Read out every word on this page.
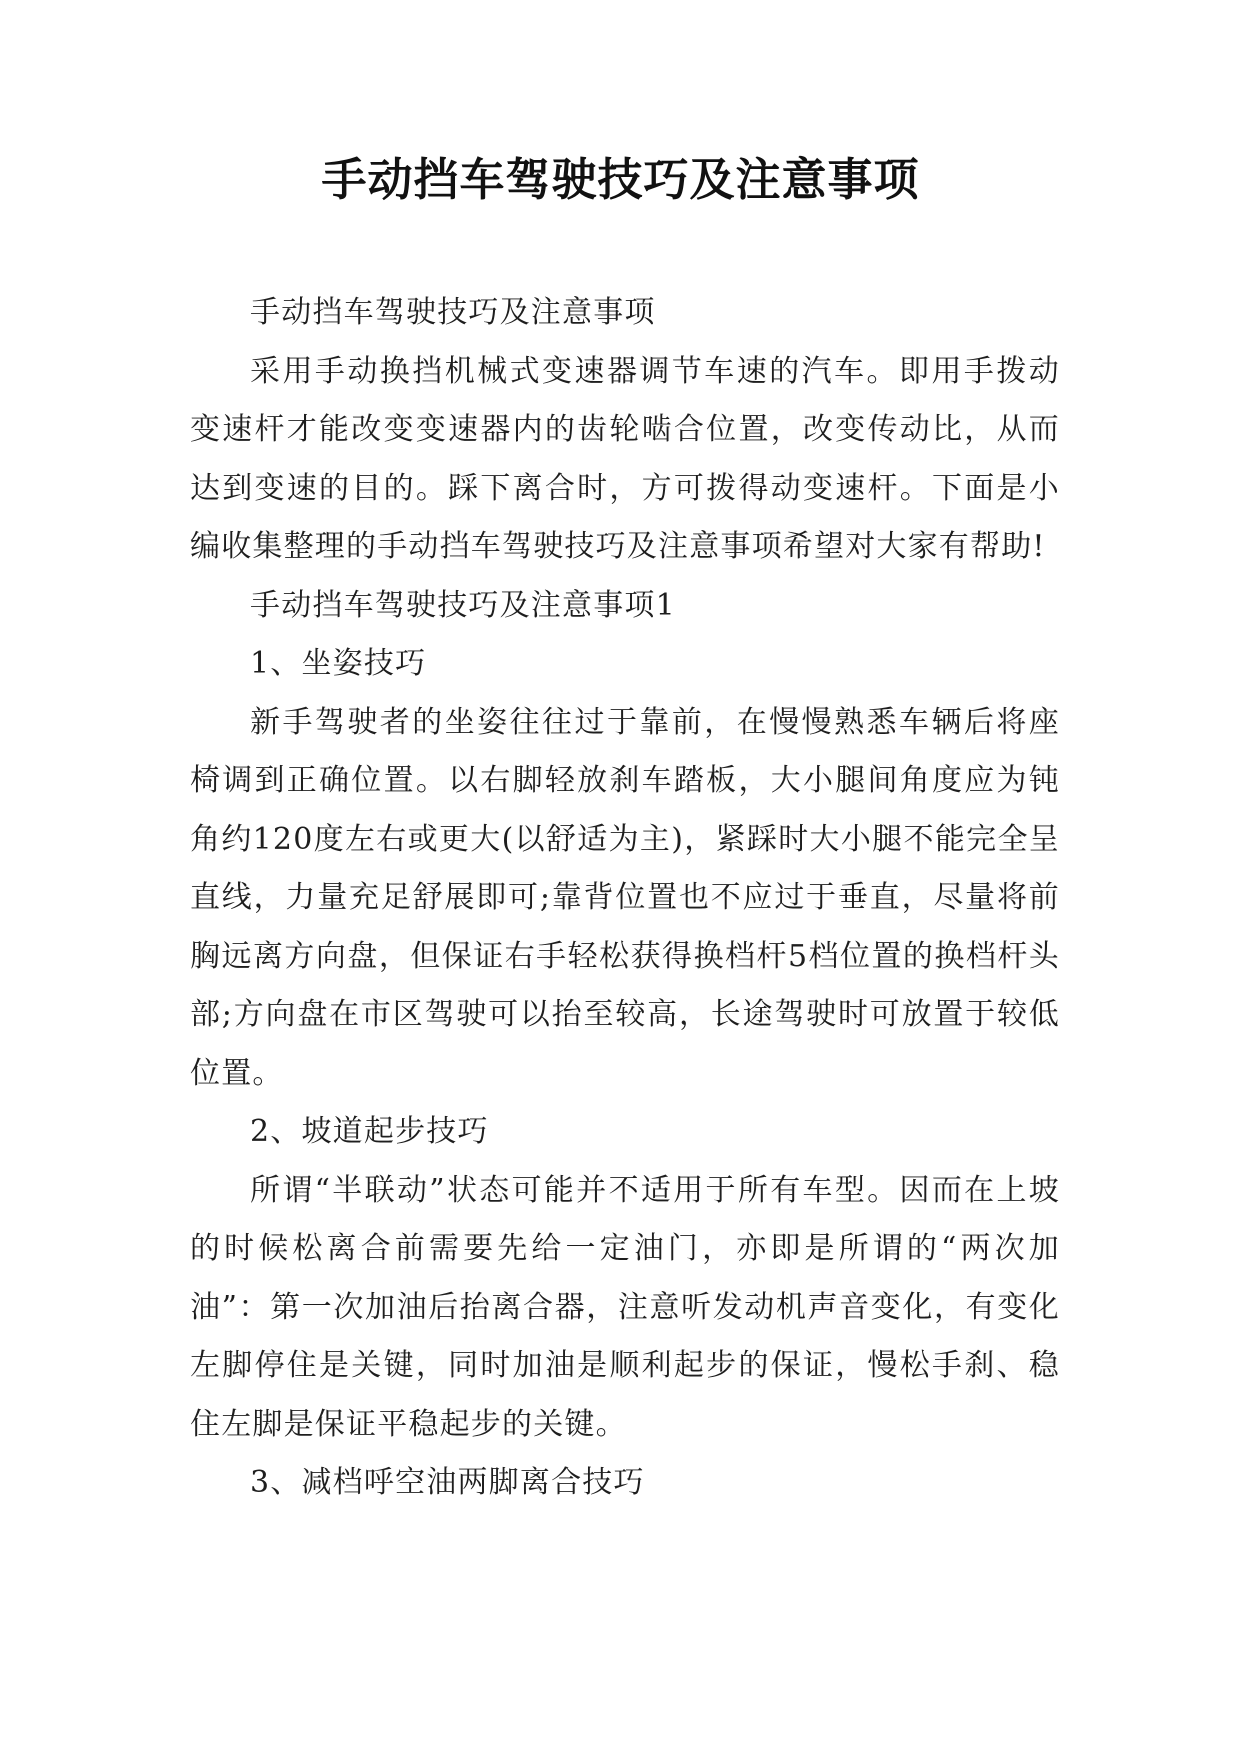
手动挡车驾驶技巧及注意事项

手动挡车驾驶技巧及注意事项

采用手动换挡机械式变速器调节车速的汽车。即用手拨动变速杆才能改变变速器内的齿轮啮合位置，改变传动比，从而达到变速的目的。踩下离合时，方可拨得动变速杆。下面是小编收集整理的手动挡车驾驶技巧及注意事项希望对大家有帮助!

手动挡车驾驶技巧及注意事项1

1、坐姿技巧

新手驾驶者的坐姿往往过于靠前，在慢慢熟悉车辆后将座椅调到正确位置。以右脚轻放刹车踏板，大小腿间角度应为钝角约120度左右或更大(以舒适为主)，紧踩时大小腿不能完全呈直线，力量充足舒展即可;靠背位置也不应过于垂直，尽量将前胸远离方向盘，但保证右手轻松获得换档杆5档位置的换档杆头部;方向盘在市区驾驶可以抬至较高，长途驾驶时可放置于较低位置。

2、坡道起步技巧

所谓“半联动”状态可能并不适用于所有车型。因而在上坡的时候松离合前需要先给一定油门，亦即是所谓的“两次加油”：第一次加油后抬离合器，注意听发动机声音变化，有变化左脚停住是关键，同时加油是顺利起步的保证，慢松手刹、稳住左脚是保证平稳起步的关键。

3、减档呼空油两脚离合技巧
